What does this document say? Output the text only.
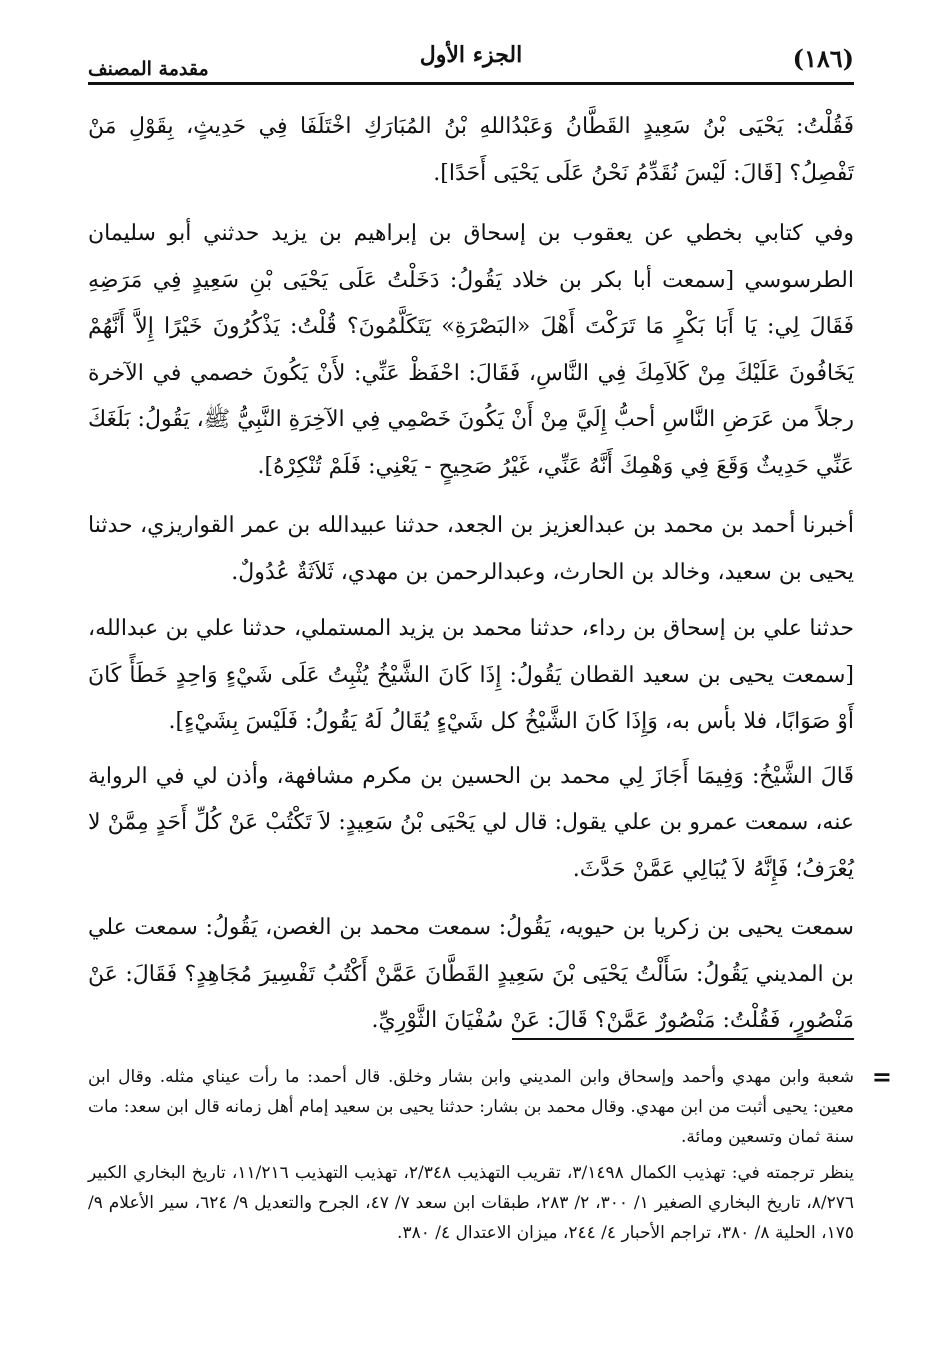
(١٨٦)
الجزء الأول
مقدمة المصنف

فَقُلْتُ: يَحْيَى بْنُ سَعِيدٍ القَطَّانُ وَعَبْدُاللهِ بْنُ المُبَارَكِ اخْتَلَفَا فِي حَدِيثٍ، بِقَوْلِ مَنْ تَفْصِلُ؟ [قَالَ: لَيْسَ نُقَدِّمُ نَحْنُ عَلَى يَحْيَى أَحَدًا].

وفي كتابي بخطي عن يعقوب بن إسحاق بن إبراهيم بن يزيد حدثني أبو سليمان الطرسوسي [سمعت أبا بكر بن خلاد يَقُولُ: دَخَلْتُ عَلَى يَحْيَى بْنِ سَعِيدٍ فِي مَرَضِهِ فَقَالَ لِي: يَا أَبَا بَكْرٍ مَا تَرَكْتَ أَهْلَ «البَصْرَةِ» يَتَكَلَّمُونَ؟ قُلْتُ: يَذْكُرُونَ خَيْرًا إِلاَّ أَنَّهُمْ يَخَافُونَ عَلَيْكَ مِنْ كَلاَمِكَ فِي النَّاسِ، فَقَالَ: احْفَظْ عَنِّي: لأَنْ يَكُونَ خصمي في الآخرة رجلاً من عَرَضِ النَّاسِ أحبُّ إِلَيَّ مِنْ أَنْ يَكُونَ خَصْمِي فِي الآخِرَةِ النَّبِيُّ ﷺ، يَقُولُ: بَلَغَكَ عَنِّي حَدِيثٌ وَقَعَ فِي وَهْمِكَ أَنَّهُ عَنِّي، غَيْرُ صَحِيحٍ - يَعْنِي: فَلَمْ تُنْكِرْهُ].

أخبرنا أحمد بن محمد بن عبدالعزيز بن الجعد، حدثنا عبيدالله بن عمر القواريزي، حدثنا يحيى بن سعيد، وخالد بن الحارث، وعبدالرحمن بن مهدي، ثَلاَثَةٌ عُدُولٌ.

حدثنا علي بن إسحاق بن رداء، حدثنا محمد بن يزيد المستملي، حدثنا علي بن عبدالله، [سمعت يحيى بن سعيد القطان يَقُولُ: إِذَا كَانَ الشَّيْخُ يُثْبِتُ عَلَى شَيْءٍ وَاحِدٍ خَطَأً كَانَ أَوْ صَوَابًا، فلا بأس به، وَإِذَا كَانَ الشَّيْخُ كل شَيْءٍ يُقَالُ لَهُ يَقُولُ: فَلَيْسَ بِشَيْءٍ].

قَالَ الشَّيْخُ: وَفِيمَا أَجَازَ لِي محمد بن الحسين بن مكرم مشافهة، وأذن لي في الرواية عنه، سمعت عمرو بن علي يقول: قال لي يَحْيَى بْنُ سَعِيدٍ: لاَ تَكْتُبْ عَنْ كُلِّ أَحَدٍ مِمَّنْ لا يُعْرَفُ؛ فَإِنَّهُ لاَ يُبَالِي عَمَّنْ حَدَّثَ.

سمعت يحيى بن زكريا بن حيويه، يَقُولُ: سمعت محمد بن الغصن، يَقُولُ: سمعت علي بن المديني يَقُولُ: سَأَلْتُ يَحْيَى بْنَ سَعِيدٍ القَطَّانَ عَمَّنْ أَكْتُبُ تَفْسِيرَ مُجَاهِدٍ؟ فَقَالَ: عَنْ مَنْصُورٍ، فَقُلْتُ: مَنْصُورٌ عَمَّنْ؟ قَالَ: عَنْ سُفْيَانَ الثَّوْرِيِّ.

=

شعبة وابن مهدي وأحمد وإسحاق وابن المديني وابن بشار وخلق. قال أحمد: ما رأت عيناي مثله. وقال ابن معين: يحيى أثبت من ابن مهدي. وقال محمد بن بشار: حدثنا يحيى بن سعيد إمام أهل زمانه قال ابن سعد: مات سنة ثمان وتسعين ومائة.

ينظر ترجمته في: تهذيب الكمال ٣/١٤٩٨، تقريب التهذيب ٢/٣٤٨، تهذيب التهذيب ١١/٢١٦، تاريخ البخاري الكبير ٨/٢٧٦، تاريخ البخاري الصغير ١/ ٣٠٠، ٢/ ٢٨٣، طبقات ابن سعد ٧/ ٤٧، الجرح والتعديل ٩/ ٦٢٤، سير الأعلام ٩/ ١٧٥، الحلية ٨/ ٣٨٠، تراجم الأحبار ٤/ ٢٤٤، ميزان الاعتدال ٤/ ٣٨٠.
